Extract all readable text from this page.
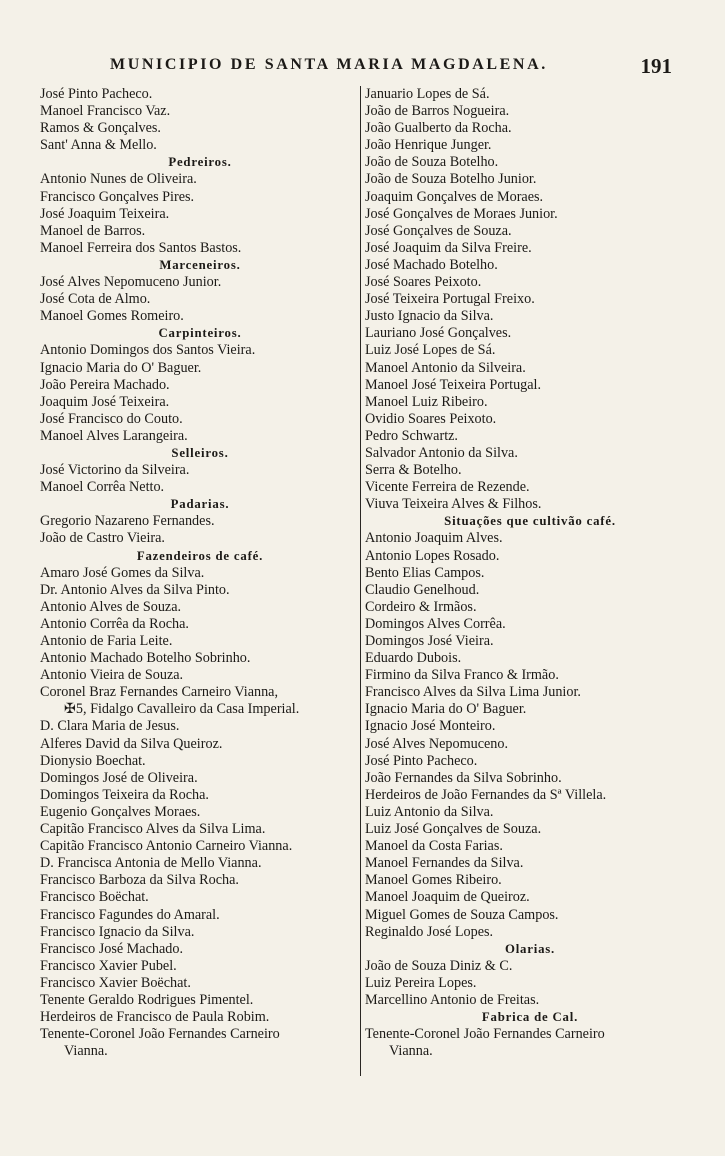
MUNICIPIO DE SANTA MARIA MAGDALENA.	191
José Pinto Pacheco.
Manoel Francisco Vaz.
Ramos & Gonçalves.
Sant' Anna & Mello.
Pedreiros.
Antonio Nunes de Oliveira.
Francisco Gonçalves Pires.
José Joaquim Teixeira.
Manoel de Barros.
Manoel Ferreira dos Santos Bastos.
Marceneiros.
José Alves Nepomuceno Junior.
José Cota de Almo.
Manoel Gomes Romeiro.
Carpinteiros.
Antonio Domingos dos Santos Vieira.
Ignacio Maria do O' Baguer.
João Pereira Machado.
Joaquim José Teixeira.
José Francisco do Couto.
Manoel Alves Larangeira.
Selleiros.
José Victorino da Silveira.
Manoel Corrêa Netto.
Padarias.
Gregorio Nazareno Fernandes.
João de Castro Vieira.
Fazendeiros de café.
Amaro José Gomes da Silva.
Dr. Antonio Alves da Silva Pinto.
Antonio Alves de Souza.
Antonio Corrêa da Rocha.
Antonio de Faria Leite.
Antonio Machado Botelho Sobrinho.
Antonio Vieira de Souza.
Coronel Braz Fernandes Carneiro Vianna,
✠5, Fidalgo Cavalleiro da Casa Imperial.
D. Clara Maria de Jesus.
Alferes David da Silva Queiroz.
Dionysio Boechat.
Domingos José de Oliveira.
Domingos Teixeira da Rocha.
Eugenio Gonçalves Moraes.
Capitão Francisco Alves da Silva Lima.
Capitão Francisco Antonio Carneiro Vianna.
D. Francisca Antonia de Mello Vianna.
Francisco Barboza da Silva Rocha.
Francisco Boëchat.
Francisco Fagundes do Amaral.
Francisco Ignacio da Silva.
Francisco José Machado.
Francisco Xavier Pubel.
Francisco Xavier Boëchat.
Tenente Geraldo Rodrigues Pimentel.
Herdeiros de Francisco de Paula Robim.
Tenente-Coronel João Fernandes Carneiro
Vianna.
Januario Lopes de Sá.
João de Barros Nogueira.
João Gualberto da Rocha.
João Henrique Junger.
João de Souza Botelho.
João de Souza Botelho Junior.
Joaquim Gonçalves de Moraes.
José Gonçalves de Moraes Junior.
José Gonçalves de Souza.
José Joaquim da Silva Freire.
José Machado Botelho.
José Soares Peixoto.
José Teixeira Portugal Freixo.
Justo Ignacio da Silva.
Lauriano José Gonçalves.
Luiz José Lopes de Sá.
Manoel Antonio da Silveira.
Manoel José Teixeira Portugal.
Manoel Luiz Ribeiro.
Ovidio Soares Peixoto.
Pedro Schwartz.
Salvador Antonio da Silva.
Serra & Botelho.
Vicente Ferreira de Rezende.
Viuva Teixeira Alves & Filhos.
Situações que cultivão café.
Antonio Joaquim Alves.
Antonio Lopes Rosado.
Bento Elias Campos.
Claudio Genelhoud.
Cordeiro & Irmãos.
Domingos Alves Corrêa.
Domingos José Vieira.
Eduardo Dubois.
Firmino da Silva Franco & Irmão.
Francisco Alves da Silva Lima Junior.
Ignacio Maria do O' Baguer.
Ignacio José Monteiro.
José Alves Nepomuceno.
José Pinto Pacheco.
João Fernandes da Silva Sobrinho.
Herdeiros de João Fernandes da Sª Villela.
Luiz Antonio da Silva.
Luiz José Gonçalves de Souza.
Manoel da Costa Farias.
Manoel Fernandes da Silva.
Manoel Gomes Ribeiro.
Manoel Joaquim de Queiroz.
Miguel Gomes de Souza Campos.
Reginaldo José Lopes.
Olarias.
João de Souza Diniz & C.
Luiz Pereira Lopes.
Marcellino Antonio de Freitas.
Fabrica de Cal.
Tenente-Coronel João Fernandes Carneiro
Vianna.
